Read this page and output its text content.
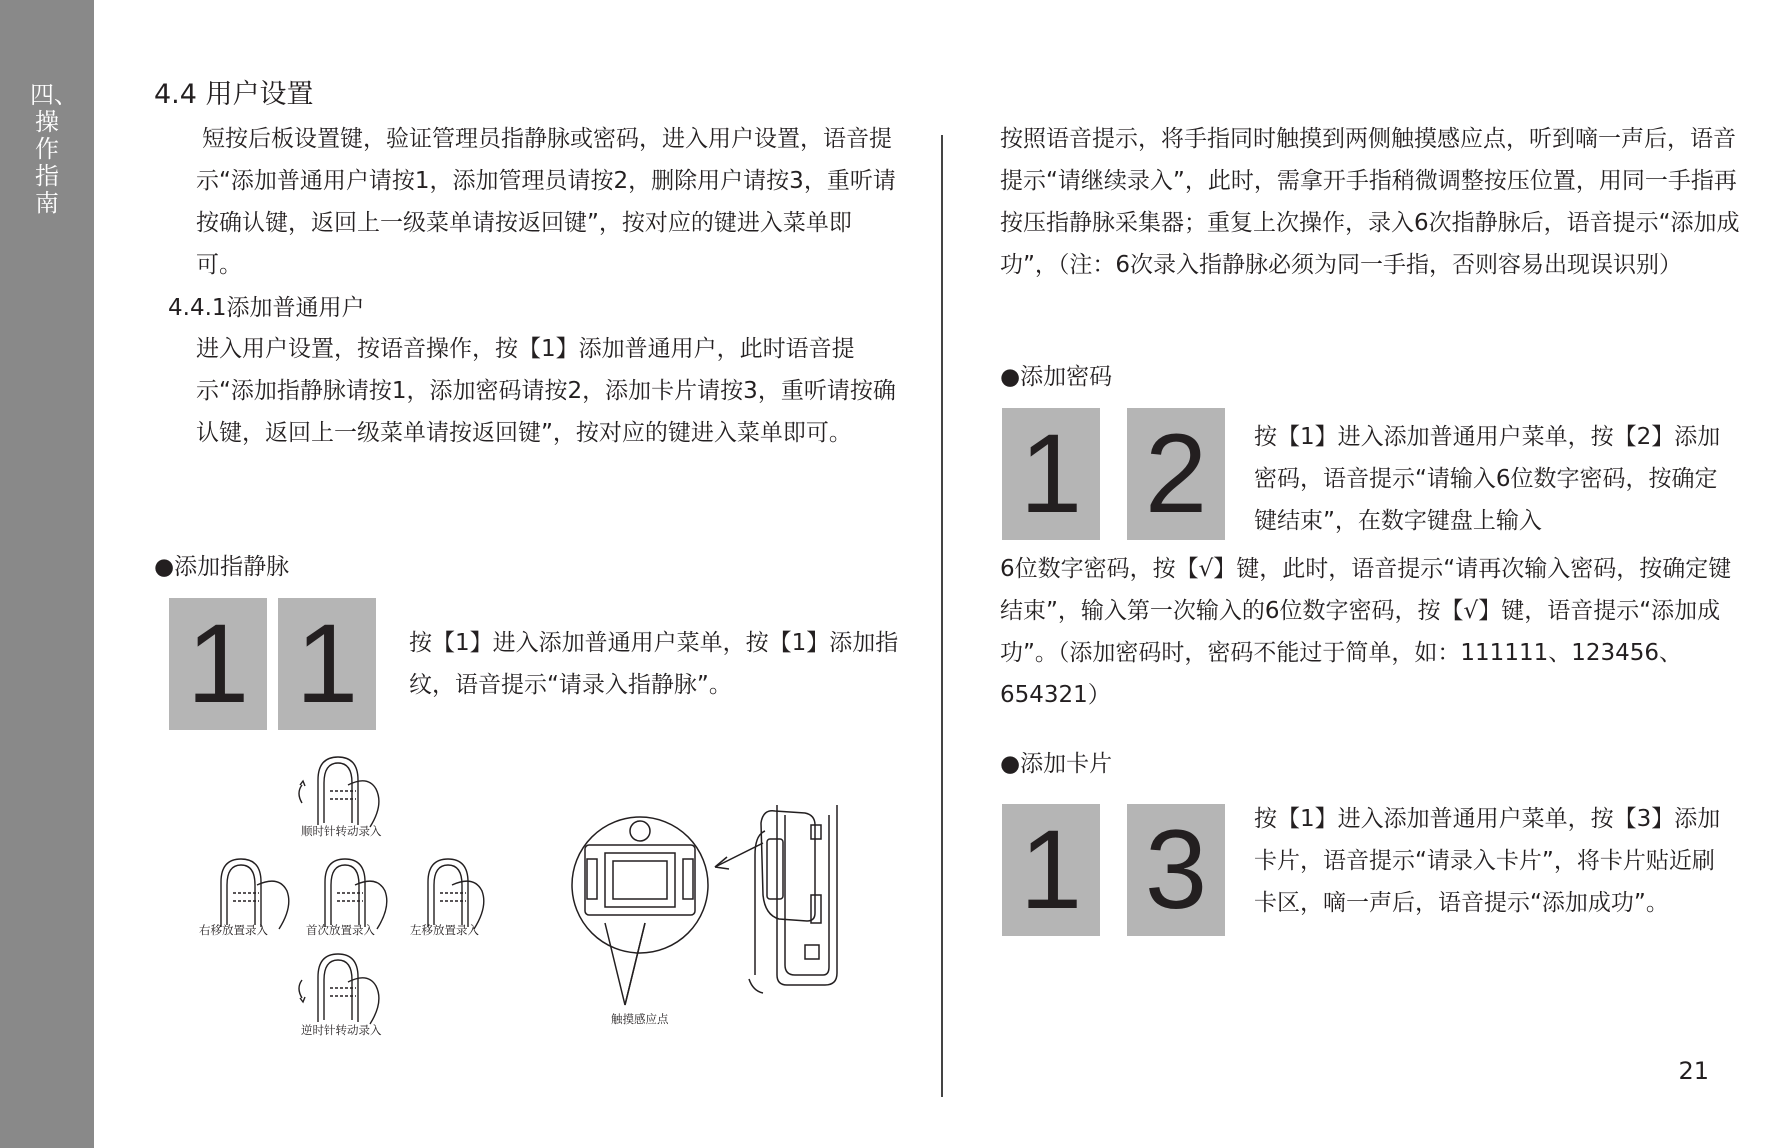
四、操作指南
4.4 用户设置
短按后板设置键，验证管理员指静脉或密码，进入用户设置，语音提示“添加普通用户请按1，添加管理员请按2，删除用户请按3，重听请按确认键，返回上一级菜单请按返回键”，按对应的键进入菜单即可。
4.4.1添加普通用户
进入用户设置，按语音操作，按【1】添加普通用户，此时语音提示“添加指静脉请按1，添加密码请按2，添加卡片请按3，重听请按确认键，返回上一级菜单请按返回键”，按对应的键进入菜单即可。
●添加指静脉
1 1	按【1】进入添加普通用户菜单，按【1】添加指纹，语音提示“请录入指静脉”。
顺时针转动录入
右移放置录入	首次放置录入	左移放置录入
逆时针转动录入
触摸感应点
按照语音提示，将手指同时触摸到两侧触摸感应点，听到嘀一声后，语音提示“请继续录入”，此时，需拿开手指稍微调整按压位置，用同一手指再按压指静脉采集器；重复上次操作，录入6次指静脉后，语音提示“添加成功”，（注：6次录入指静脉必须为同一手指，否则容易出现误识别）
●添加密码
1 2	按【1】进入添加普通用户菜单，按【2】添加密码，语音提示“请输入6位数字密码，按确定键结束”，在数字键盘上输入
6位数字密码，按【√】键，此时，语音提示“请再次输入密码，按确定键结束”，输入第一次输入的6位数字密码，按【√】键，语音提示“添加成功”。（添加密码时，密码不能过于简单，如：111111、123456、654321）
●添加卡片
1 3	按【1】进入添加普通用户菜单，按【3】添加卡片，语音提示“请录入卡片”，将卡片贴近刷卡区，嘀一声后，语音提示“添加成功”。
21
